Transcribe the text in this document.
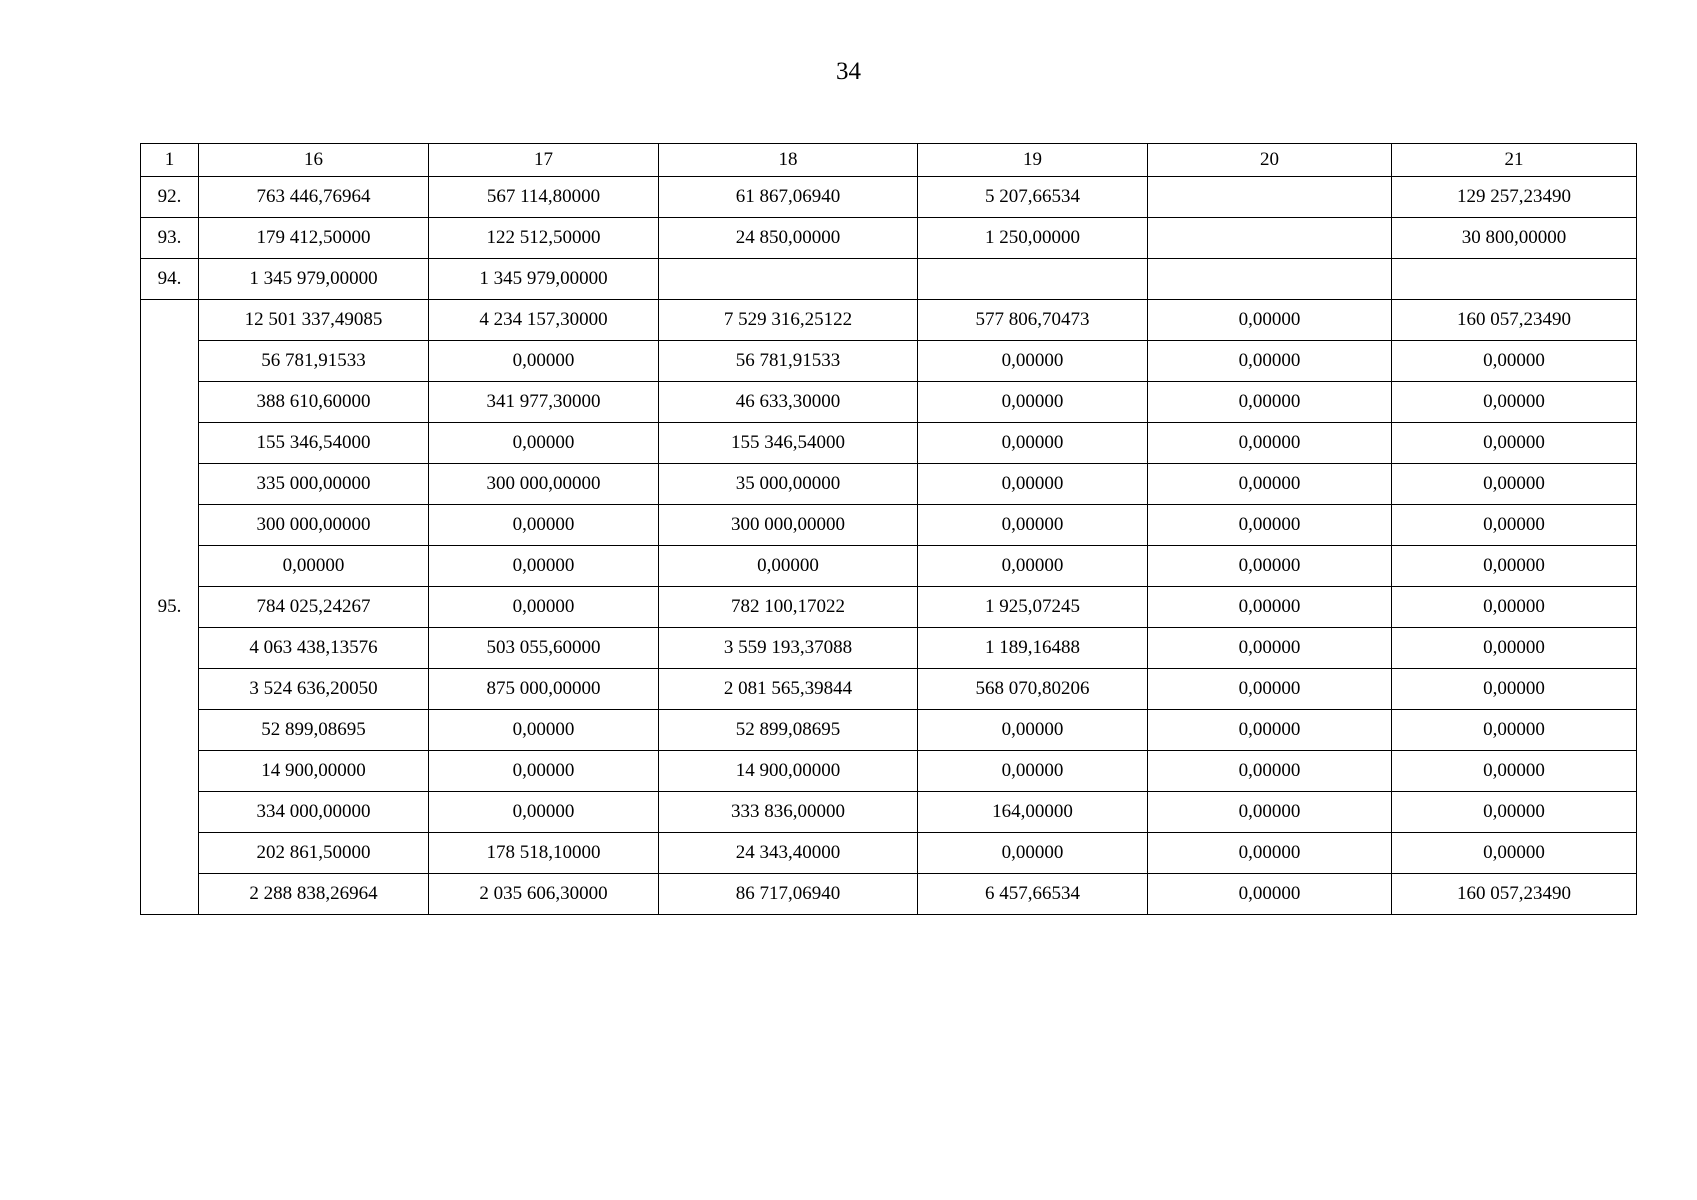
34
1	16	17	18	19	20	21
92.	763 446,76964	567 114,80000	61 867,06940	5 207,66534		129 257,23490
93.	179 412,50000	122 512,50000	24 850,00000	1 250,00000		30 800,00000
94.	1 345 979,00000	1 345 979,00000				
95.	12 501 337,49085	4 234 157,30000	7 529 316,25122	577 806,70473	0,00000	160 057,23490
	56 781,91533	0,00000	56 781,91533	0,00000	0,00000	0,00000
	388 610,60000	341 977,30000	46 633,30000	0,00000	0,00000	0,00000
	155 346,54000	0,00000	155 346,54000	0,00000	0,00000	0,00000
	335 000,00000	300 000,00000	35 000,00000	0,00000	0,00000	0,00000
	300 000,00000	0,00000	300 000,00000	0,00000	0,00000	0,00000
	0,00000	0,00000	0,00000	0,00000	0,00000	0,00000
	784 025,24267	0,00000	782 100,17022	1 925,07245	0,00000	0,00000
	4 063 438,13576	503 055,60000	3 559 193,37088	1 189,16488	0,00000	0,00000
	3 524 636,20050	875 000,00000	2 081 565,39844	568 070,80206	0,00000	0,00000
	52 899,08695	0,00000	52 899,08695	0,00000	0,00000	0,00000
	14 900,00000	0,00000	14 900,00000	0,00000	0,00000	0,00000
	334 000,00000	0,00000	333 836,00000	164,00000	0,00000	0,00000
	202 861,50000	178 518,10000	24 343,40000	0,00000	0,00000	0,00000
	2 288 838,26964	2 035 606,30000	86 717,06940	6 457,66534	0,00000	160 057,23490
